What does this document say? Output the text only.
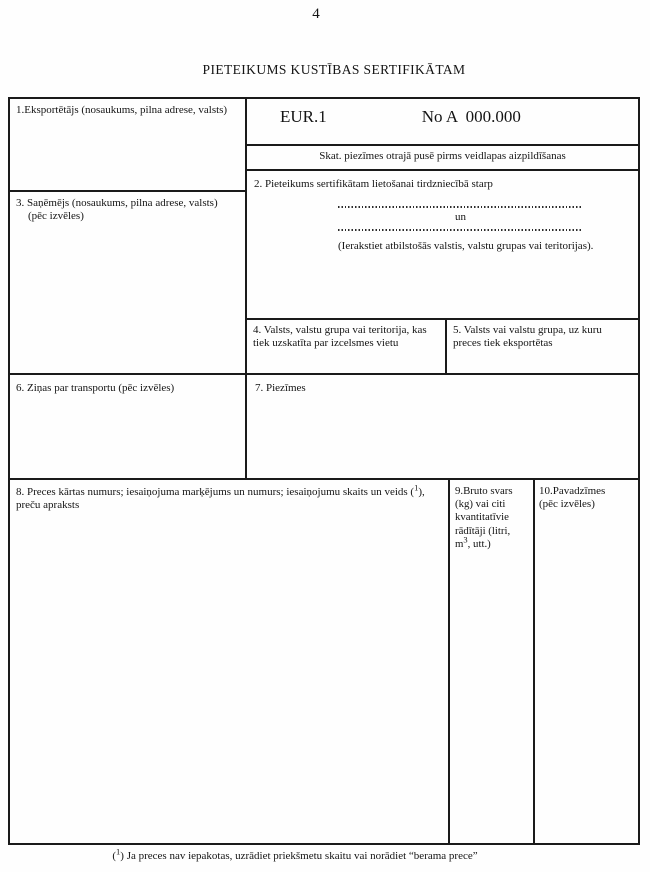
4
PIETEIKUMS KUSTĪBAS SERTIFIKĀTAM
1.Eksportētājs (nosaukums, pilna adrese, valsts)
3. Saņēmējs (nosaukums, pilna adrese, valsts)
(pēc izvēles)
6. Ziņas par transportu (pēc izvēles)
8. Preces kārtas numurs; iesaiņojuma marķējums un numurs; iesaiņojumu skaits un veids ($^1$), preču apraksts
EUR.1	No A  000.000
Skat. piezīmes otrajā pusē pirms veidlapas aizpildīšanas
2. Pieteikums sertifikātam lietošanai tirdzniecībā starp
un
(Ierakstiet atbilstošās valstis, valstu grupas vai teritorijas).
4. Valsts, valstu grupa vai teritorija, kas tiek uzskatīta par izcelsmes vietu
5. Valsts vai valstu grupa, uz kuru preces tiek eksportētas
7. Piezīmes
9.Bruto svars
(kg) vai citi
kvantitatīvie
rādītāji (litri,
$m^3$, utt.)
10.Pavadzīmes
(pēc izvēles)
($^1$) Ja preces nav iepakotas, uzrādiet priekšmetu skaitu vai norādiet “berama prece”
